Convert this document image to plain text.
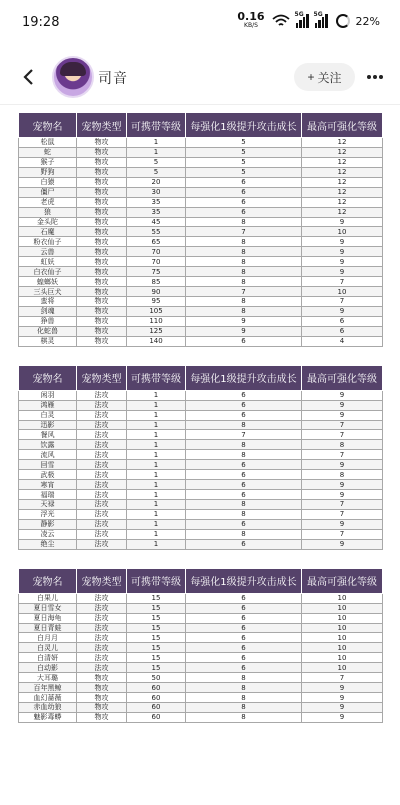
19:28	0.16
KB/S
5G 5G	22%
司音	+ 关注
宠物名	宠物类型	可携带等级	每强化1级提升攻击成长	最高可强化等级
松鼠	物攻	1	5	12
蛇	物攻	1	5	12
猴子	物攻	5	5	12
野狗	物攻	5	5	12
白猿	物攻	20	6	12
僵尸	物攻	30	6	12
老虎	物攻	35	6	12
狼	物攻	35	6	12
金头陀	物攻	45	8	9
石魔	物攻	55	7	10
粉衣仙子	物攻	65	8	9
云兽	物攻	70	8	9
虹妖	物攻	70	8	9
白衣仙子	物攻	75	8	9
蝗螂妖	物攻	85	8	7
三头巨犬	物攻	90	7	10
蛮将	物攻	95	8	7
剑魂	物攻	105	8	9
狰兽	物攻	110	9	6
化蛇兽	物攻	125	9	6
棋灵	物攻	140	6	4
宠物名	宠物类型	可携带等级	每强化1级提升攻击成长	最高可强化等级
闲羽	法攻	1	6	9
鸿雁	法攻	1	6	9
白灵	法攻	1	6	9
迅影	法攻	1	8	7
餐风	法攻	1	7	7
饮露	法攻	1	8	8
流风	法攻	1	8	7
回雪	法攻	1	6	9
武极	法攻	1	6	8
寒宵	法攻	1	6	9
福瑞	法攻	1	6	9
天禄	法攻	1	8	7
浮光	法攻	1	8	7
静影	法攻	1	6	9
凌云	法攻	1	8	7
绝尘	法攻	1	6	9
宠物名	宠物类型	可携带等级	每强化1级提升攻击成长	最高可强化等级
白果儿	法攻	15	6	10
夏日雪女	法攻	15	6	10
夏日海龟	法攻	15	6	10
夏日青蛙	法攻	15	6	10
白月月	法攻	15	6	10
白灵儿	法攻	15	6	10
白清妍	法攻	15	6	10
白动影	法攻	15	6	10
大耳璐	物攻	50	8	7
百年黑鲸	物攻	60	8	9
血幻蔷薇	物攻	60	8	9
赤血幼狼	物攻	60	8	9
魅影毒蟒	物攻	60	8	9
